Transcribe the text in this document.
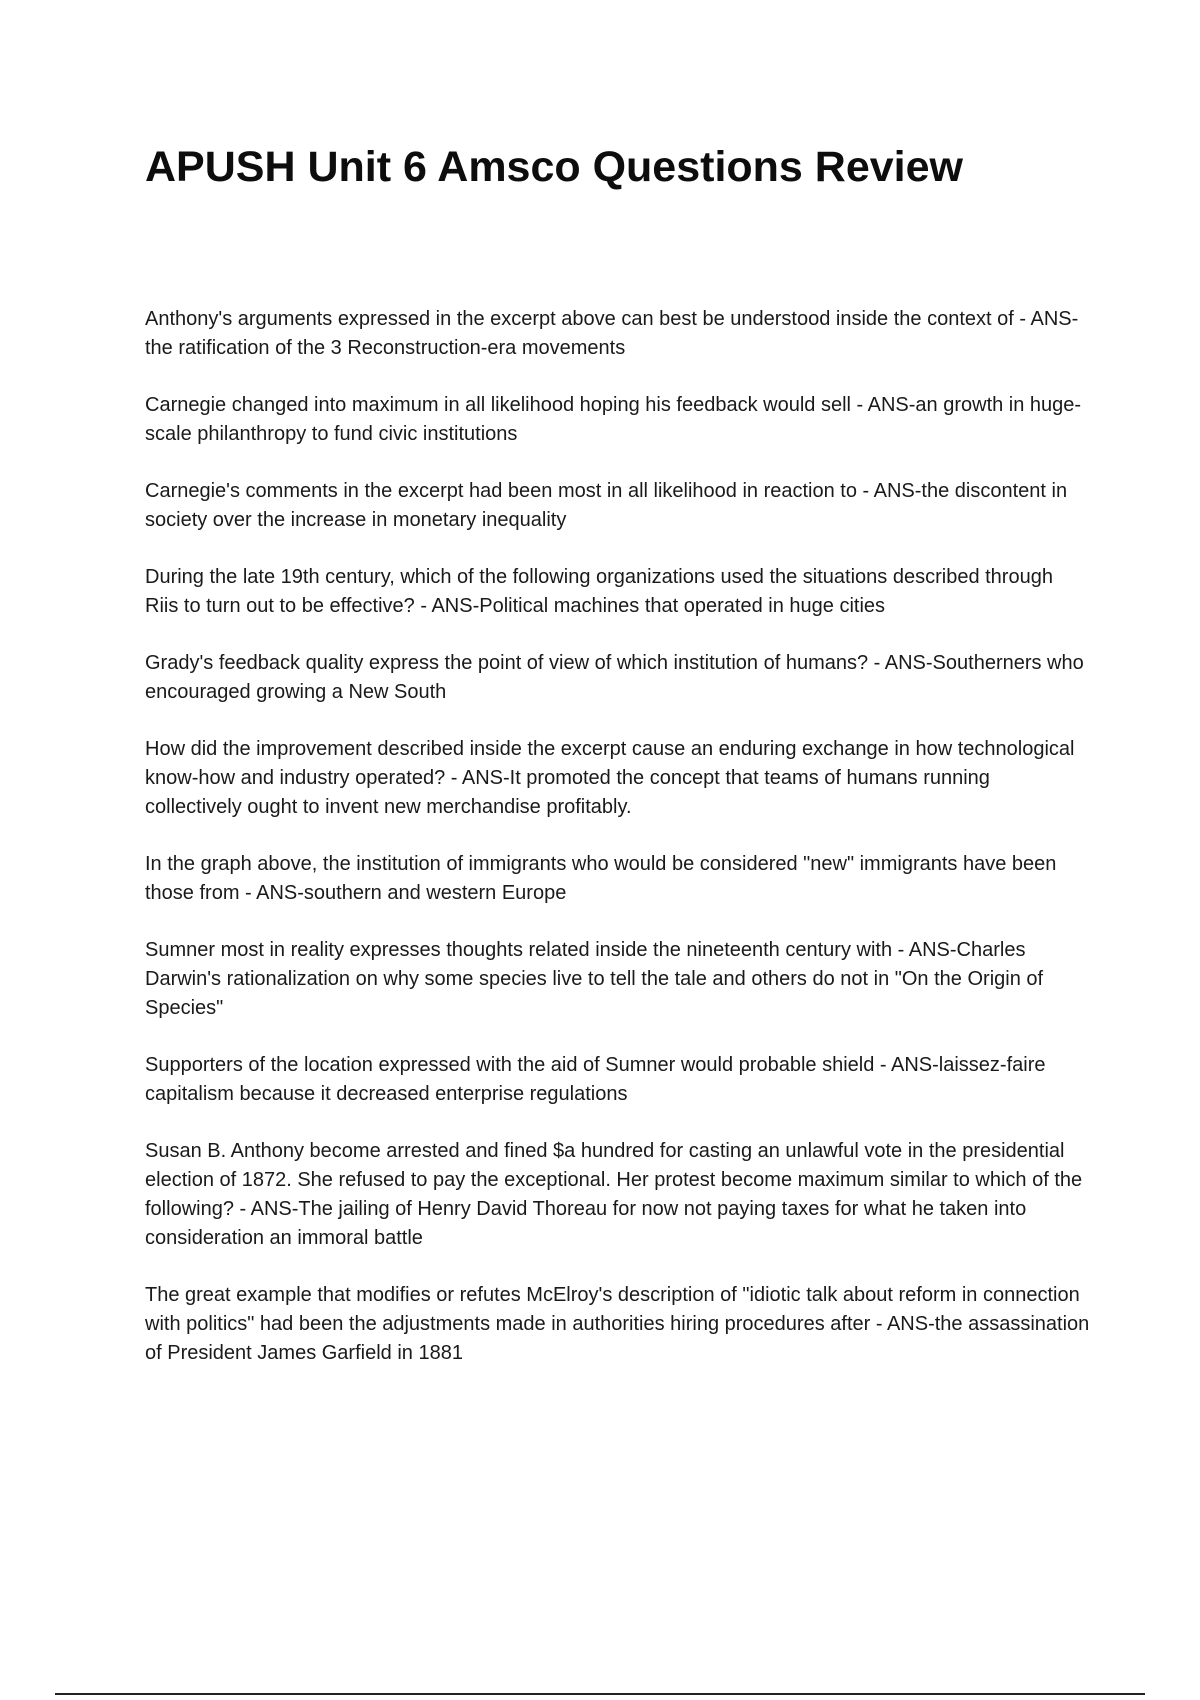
APUSH Unit 6 Amsco Questions Review
Anthony's arguments expressed in the excerpt above can best be understood inside the context of - ANS-the ratification of the 3 Reconstruction-era movements
Carnegie changed into maximum in all likelihood hoping his feedback would sell - ANS-an growth in huge-scale philanthropy to fund civic institutions
Carnegie's comments in the excerpt had been most in all likelihood in reaction to - ANS-the discontent in society over the increase in monetary inequality
During the late 19th century, which of the following organizations used the situations described through Riis to turn out to be effective? - ANS-Political machines that operated in huge cities
Grady's feedback quality express the point of view of which institution of humans? - ANS-Southerners who encouraged growing a New South
How did the improvement described inside the excerpt cause an enduring exchange in how technological know-how and industry operated? - ANS-It promoted the concept that teams of humans running collectively ought to invent new merchandise profitably.
In the graph above, the institution of immigrants who would be considered "new" immigrants have been those from - ANS-southern and western Europe
Sumner most in reality expresses thoughts related inside the nineteenth century with - ANS-Charles Darwin's rationalization on why some species live to tell the tale and others do not in "On the Origin of Species"
Supporters of the location expressed with the aid of Sumner would probable shield - ANS-laissez-faire capitalism because it decreased enterprise regulations
Susan B. Anthony become arrested and fined $a hundred for casting an unlawful vote in the presidential election of 1872. She refused to pay the exceptional. Her protest become maximum similar to which of the following? - ANS-The jailing of Henry David Thoreau for now not paying taxes for what he taken into consideration an immoral battle
The great example that modifies or refutes McElroy's description of "idiotic talk about reform in connection with politics" had been the adjustments made in authorities hiring procedures after - ANS-the assassination of President James Garfield in 1881
